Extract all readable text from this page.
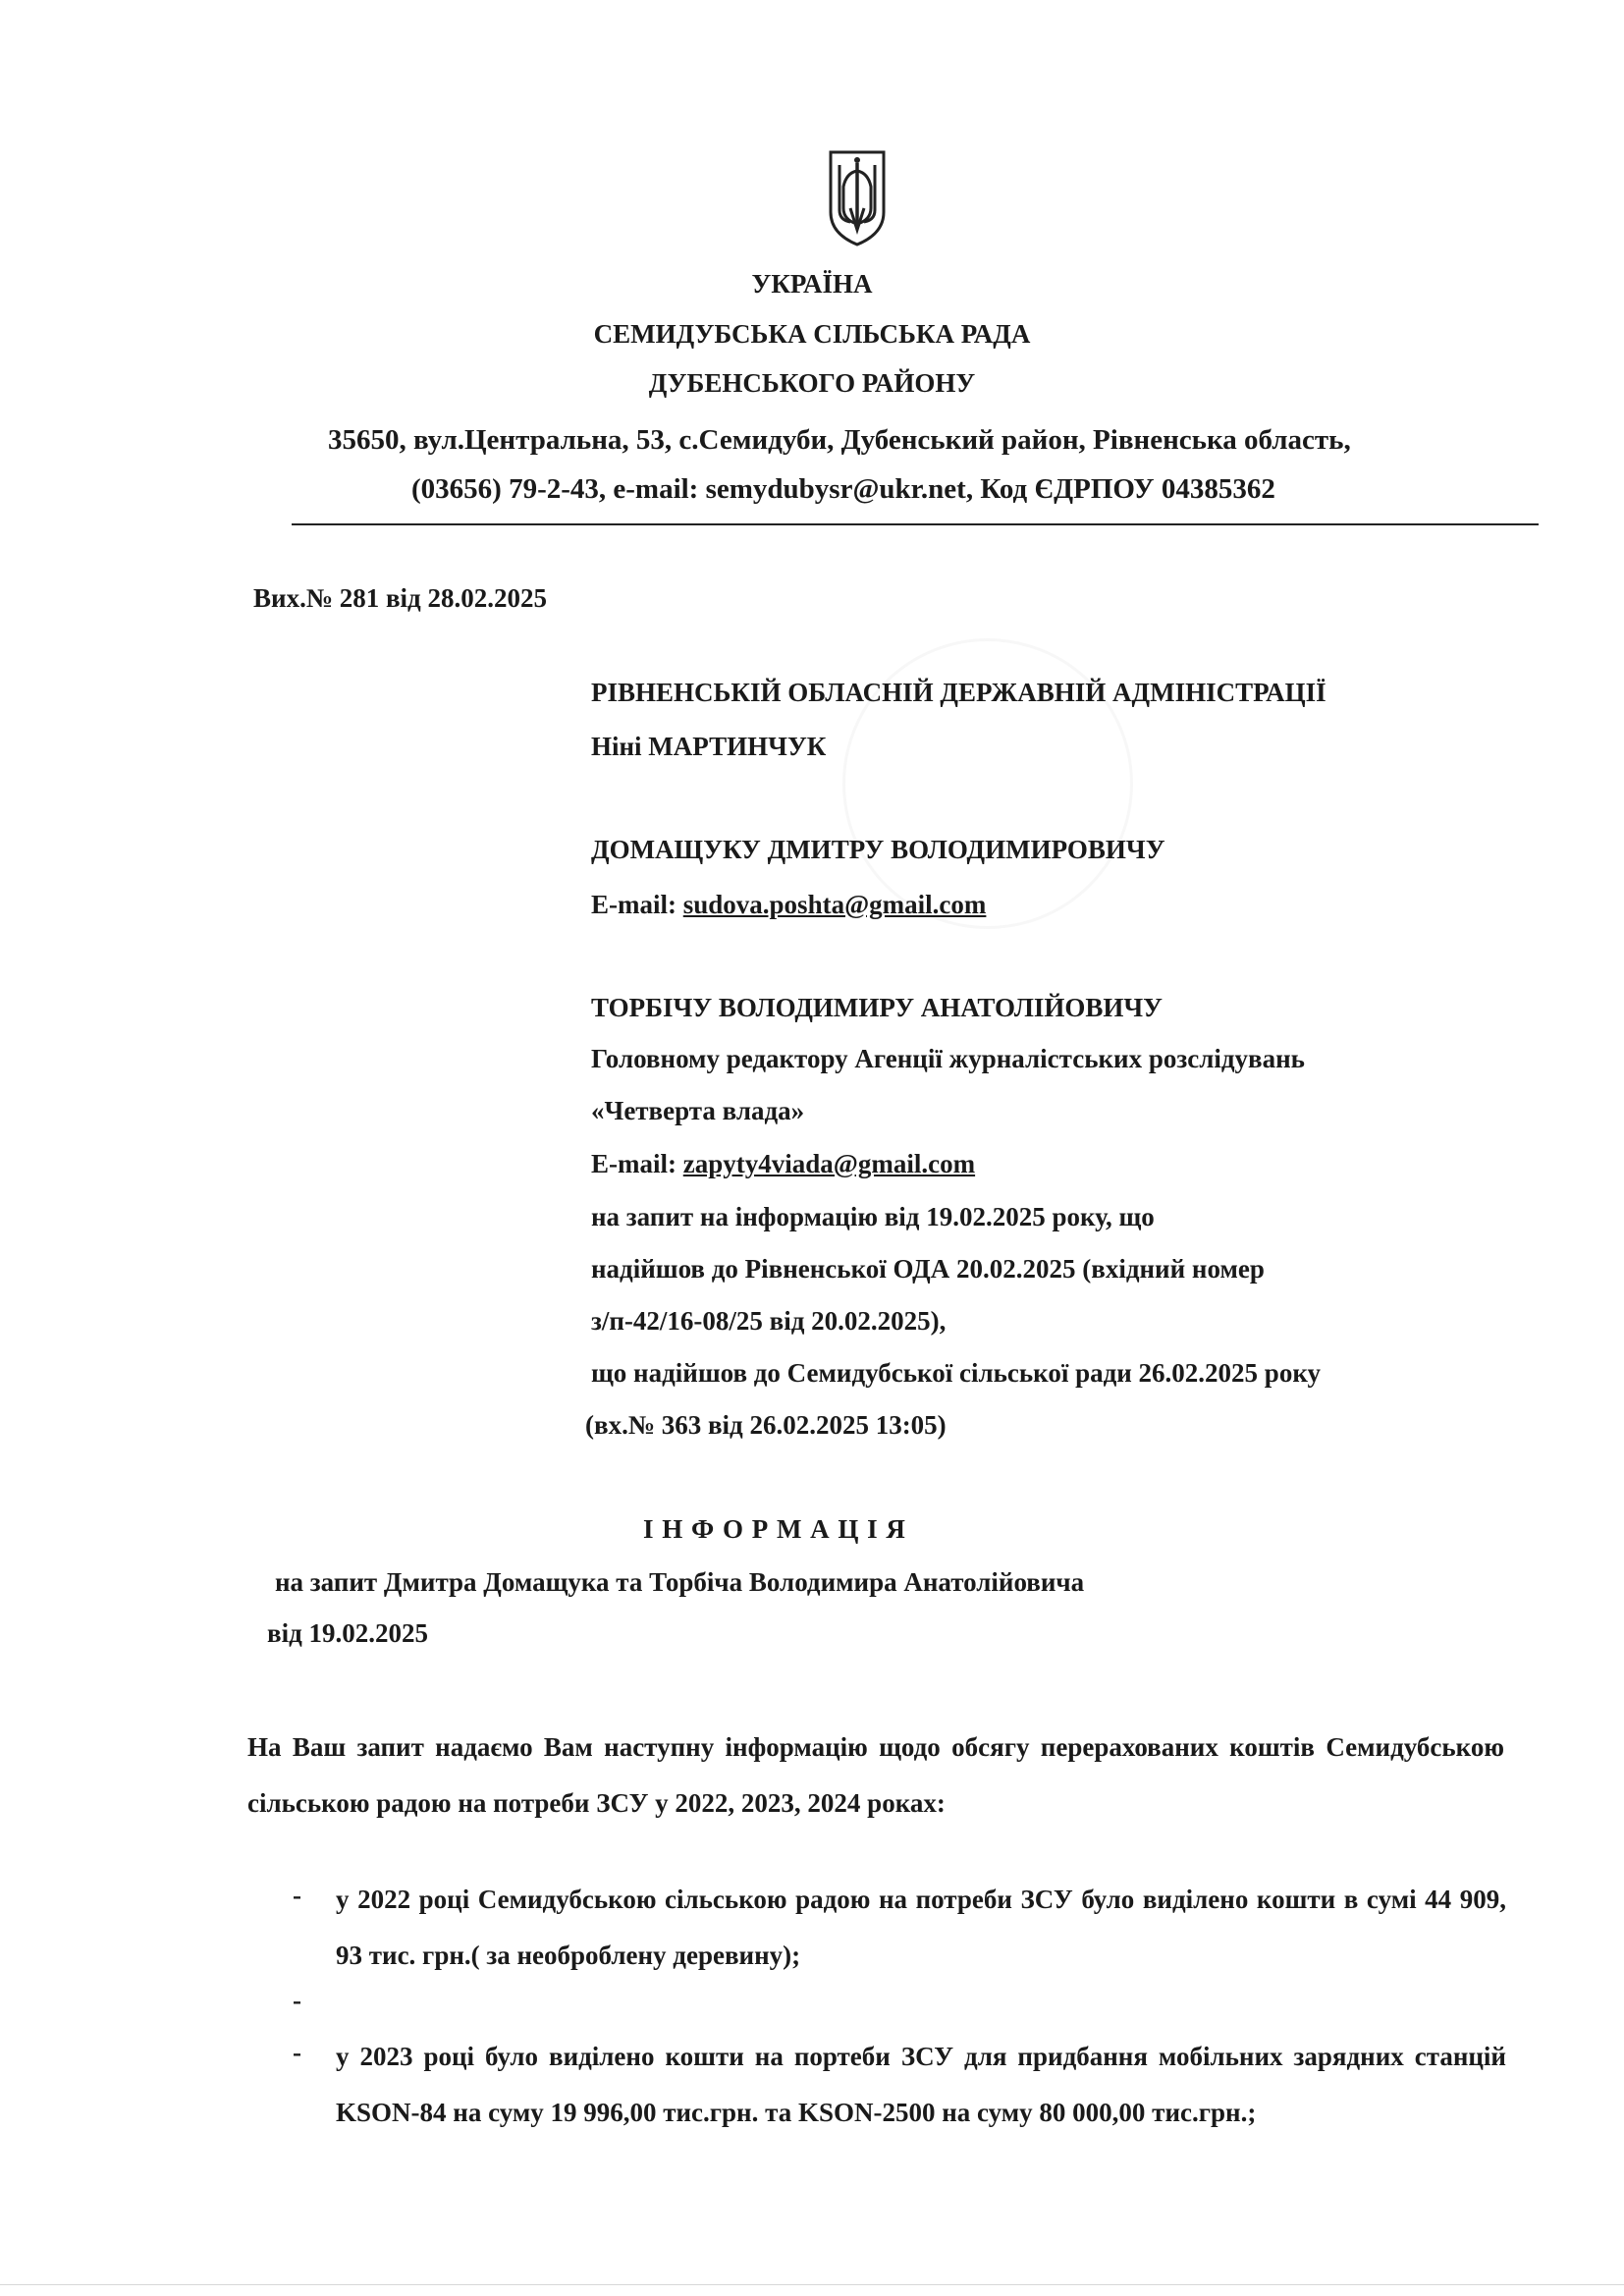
УКРАЇНА
СЕМИДУБСЬКА СІЛЬСЬКА РАДА
ДУБЕНСЬКОГО РАЙОНУ
35650, вул.Центральна, 53, с.Семидуби, Дубенський район, Рівненська область,
(03656) 79-2-43, e-mail: semydubysr@ukr.net, Код ЄДРПОУ 04385362
Вих.№ 281 від 28.02.2025
РІВНЕНСЬКІЙ ОБЛАСНІЙ ДЕРЖАВНІЙ АДМІНІСТРАЦІЇ
Ніні МАРТИНЧУК
ДОМАЩУКУ ДМИТРУ ВОЛОДИМИРОВИЧУ
E-mail: sudova.poshta@gmail.com
ТОРБІЧУ ВОЛОДИМИРУ АНАТОЛІЙОВИЧУ
Головному редактору Агенції журналістських розслідувань
«Четверта влада»
E-mail: zapyty4viada@gmail.com
на запит на інформацію від 19.02.2025 року, що
надійшов до Рівненської ОДА 20.02.2025 (вхідний номер
з/п-42/16-08/25 від 20.02.2025),
що надійшов до Семидубської сільської ради 26.02.2025 року
(вх.№ 363 від 26.02.2025 13:05)
І Н Ф О Р М А Ц І Я
на запит Дмитра Домащука та Торбіча Володимира Анатолійовича
від 19.02.2025
На Ваш запит надаємо Вам наступну інформацію щодо обсягу перерахованих коштів Семидубською сільською радою на потреби ЗСУ у 2022, 2023, 2024 роках:
- у 2022 році Семидубською сільською радою на потреби ЗСУ було виділено кошти в сумі 44 909, 93 тис. грн.( за необроблену деревину);
-
- у 2023 році було виділено кошти на портеби ЗСУ для придбання мобільних зарядних станцій KSON-84 на суму 19 996,00 тис.грн. та KSON-2500 на суму 80 000,00 тис.грн.;
